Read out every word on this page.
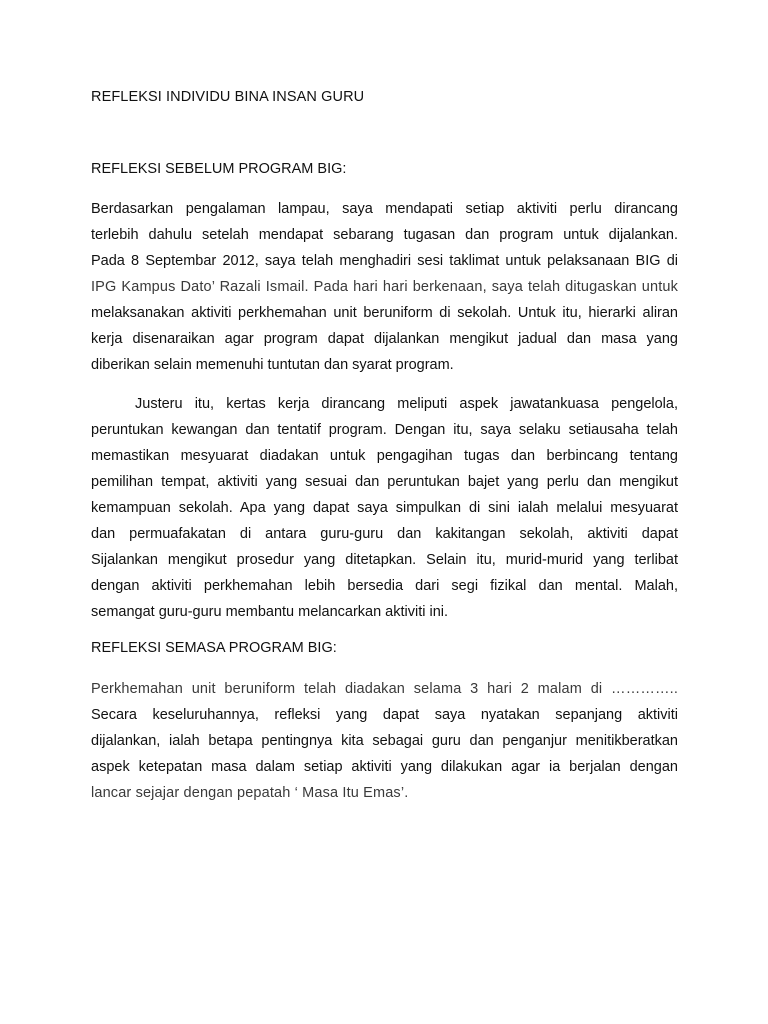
REFLEKSI INDIVIDU BINA INSAN GURU
REFLEKSI SEBELUM PROGRAM BIG:
Berdasarkan pengalaman lampau, saya mendapati setiap aktiviti perlu dirancang
terlebih dahulu setelah mendapat sebarang tugasan dan program untuk dijalankan.
Pada 8 Septembar 2012, saya telah menghadiri sesi taklimat untuk pelaksanaan BIG di
IPG Kampus Dato’ Razali Ismail. Pada hari hari berkenaan, saya telah ditugaskan untuk
melaksanakan aktiviti perkhemahan unit beruniform di sekolah. Untuk itu, hierarki aliran
kerja disenaraikan agar program dapat dijalankan mengikut jadual dan masa yang
diberikan selain memenuhi tuntutan dan syarat program.
Justeru itu, kertas kerja dirancang meliputi aspek jawatankuasa pengelola,
peruntukan kewangan dan tentatif program. Dengan itu, saya selaku setiausaha telah
memastikan mesyuarat diadakan untuk pengagihan tugas dan berbincang tentang
pemilihan tempat, aktiviti yang sesuai dan peruntukan bajet yang perlu dan mengikut
kemampuan sekolah. Apa yang dapat saya simpulkan di sini ialah melalui mesyuarat
dan permuafakatan di antara guru-guru dan kakitangan sekolah, aktiviti dapat
Sijalankan mengikut prosedur yang ditetapkan. Selain itu, murid-murid yang terlibat
dengan aktiviti perkhemahan lebih bersedia dari segi fizikal dan mental. Malah,
semangat guru-guru membantu melancarkan aktiviti ini.
REFLEKSI SEMASA PROGRAM BIG:
Perkhemahan unit beruniform telah diadakan selama 3 hari 2 malam di …………..
Secara keseluruhannya, refleksi yang dapat saya nyatakan sepanjang aktiviti
dijalankan, ialah betapa pentingnya kita sebagai guru dan penganjur menitikberatkan
aspek ketepatan masa dalam setiap aktiviti yang dilakukan agar ia berjalan dengan
lancar sejajar dengan pepatah ‘ Masa Itu Emas’.
